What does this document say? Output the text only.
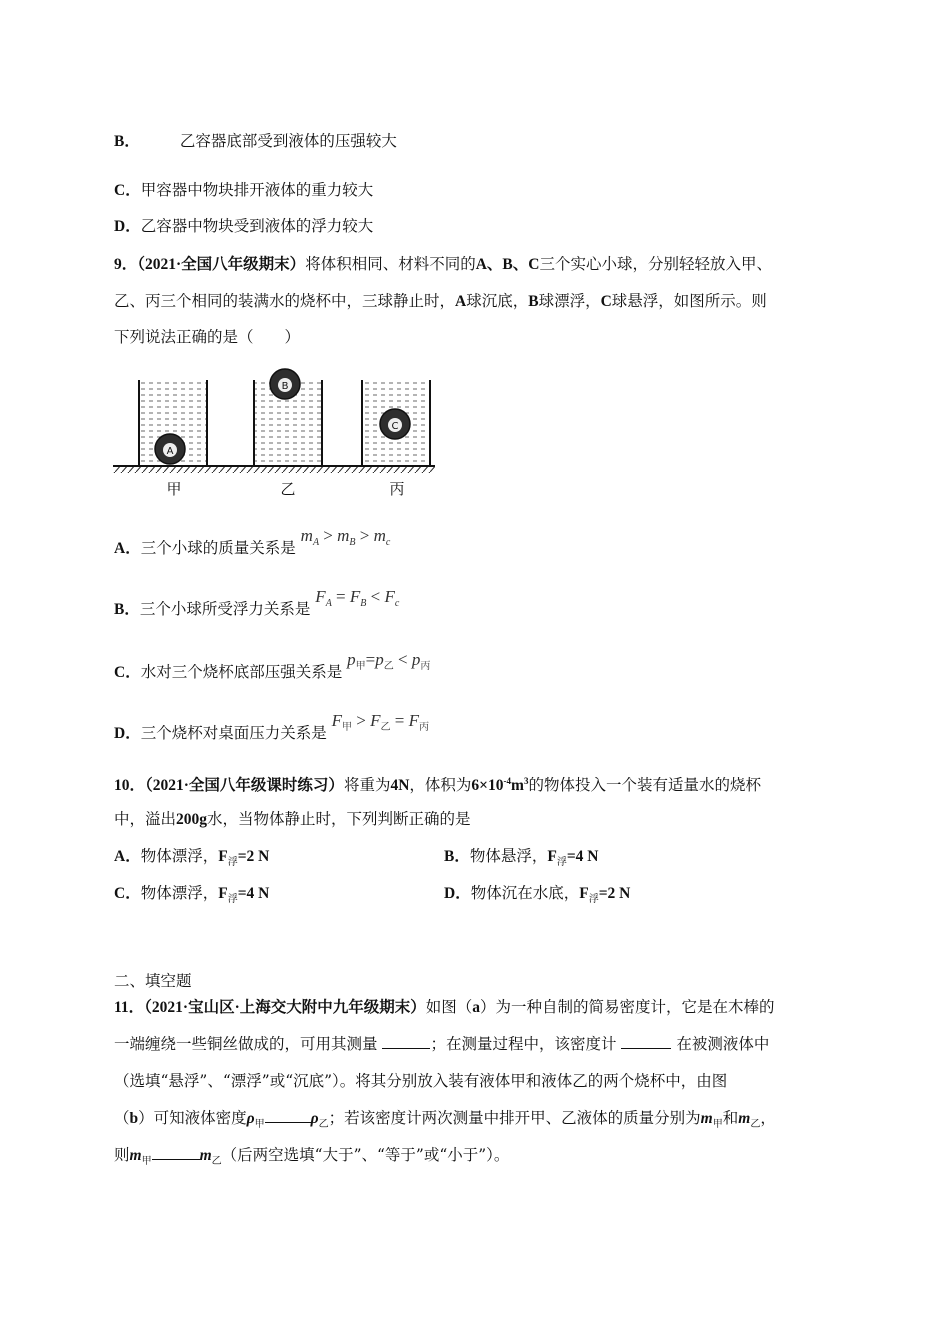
B．	乙容器底部受到液体的压强较大
C．甲容器中物块排开液体的重力较大
D．乙容器中物块受到液体的浮力较大
9．（2021·全国八年级期末）将体积相同、材料不同的A、B、C三个实心小球，分别轻轻放入甲、
乙、丙三个相同的装满水的烧杯中，三球静止时，A球沉底，B球漂浮，C球悬浮，如图所示。则
下列说法正确的是（　　）
A
B
C
甲	乙	丙
A．三个小球的质量关系是 $m_A > m_B > m_c$
B．三个小球所受浮力关系是 $F_A = F_B < F_c$
C．水对三个烧杯底部压强关系是 $p_甲=p_乙 < p_丙$
D．三个烧杯对桌面压力关系是 $F_甲 > F_乙 = F_丙$
10．（2021·全国八年级课时练习）将重为4N，体积为$6\times 10^{-4}m^3$的物体投入一个装有适量水的烧杯
中，溢出200g水，当物体静止时，下列判断正确的是
A．物体漂浮，$F_浮=2$ N	B．物体悬浮，$F_浮=4$ N
C．物体漂浮，$F_浮=4$ N	D．物体沉在水底，$F_浮=2$ N
二、填空题
11．（2021·宝山区·上海交大附中九年级期末）如图（a）为一种自制的简易密度计，它是在木棒的
一端缠绕一些铜丝做成的，可用其测量	；在测量过程中，该密度计	在被测液体中
（选填“悬浮”、“漂浮”或“沉底”）。将其分别放入装有液体甲和液体乙的两个烧杯中，由图
（b）可知液体密度$\rho_甲$	$\rho_乙$；若该密度计两次测量中排开甲、乙液体的质量分别为$m_甲$和$m_乙$，
则$m_甲$	$m_乙$（后两空选填“大于”、“等于”或“小于”）。
